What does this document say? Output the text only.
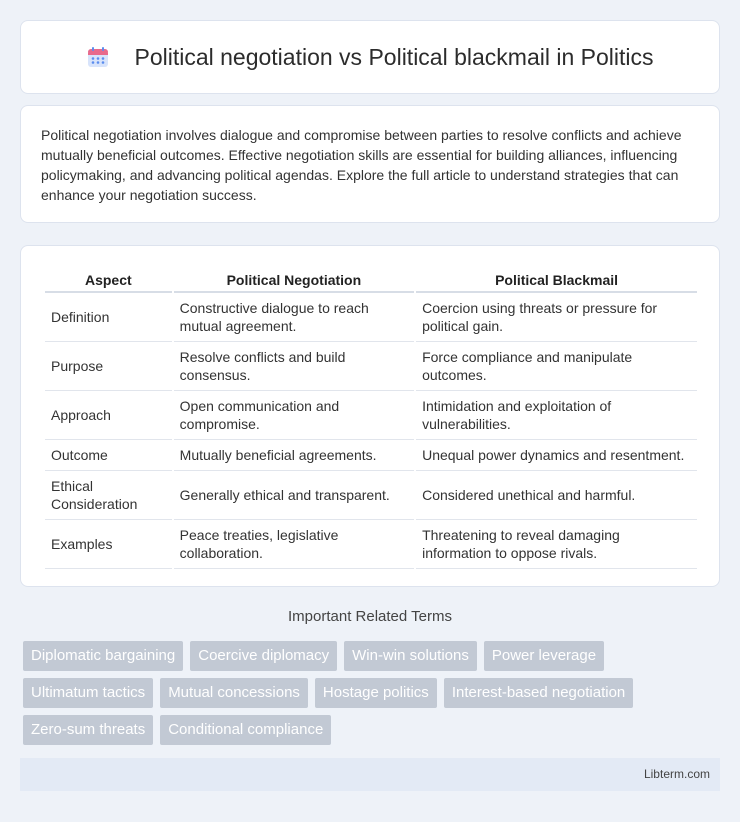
Political negotiation vs Political blackmail in Politics

Political negotiation involves dialogue and compromise between parties to resolve conflicts and achieve mutually beneficial outcomes. Effective negotiation skills are essential for building alliances, influencing policymaking, and advancing political agendas. Explore the full article to understand strategies that can enhance your negotiation success.

Aspect	Political Negotiation	Political Blackmail
Definition	Constructive dialogue to reach mutual agreement.	Coercion using threats or pressure for political gain.
Purpose	Resolve conflicts and build consensus.	Force compliance and manipulate outcomes.
Approach	Open communication and compromise.	Intimidation and exploitation of vulnerabilities.
Outcome	Mutually beneficial agreements.	Unequal power dynamics and resentment.
Ethical Consideration	Generally ethical and transparent.	Considered unethical and harmful.
Examples	Peace treaties, legislative collaboration.	Threatening to reveal damaging information to oppose rivals.
Important Related Terms
Diplomatic bargaining	Coercive diplomacy	Win-win solutions	Power leverage
Ultimatum tactics	Mutual concessions	Hostage politics	Interest-based negotiation
Zero-sum threats	Conditional compliance
Libterm.com
